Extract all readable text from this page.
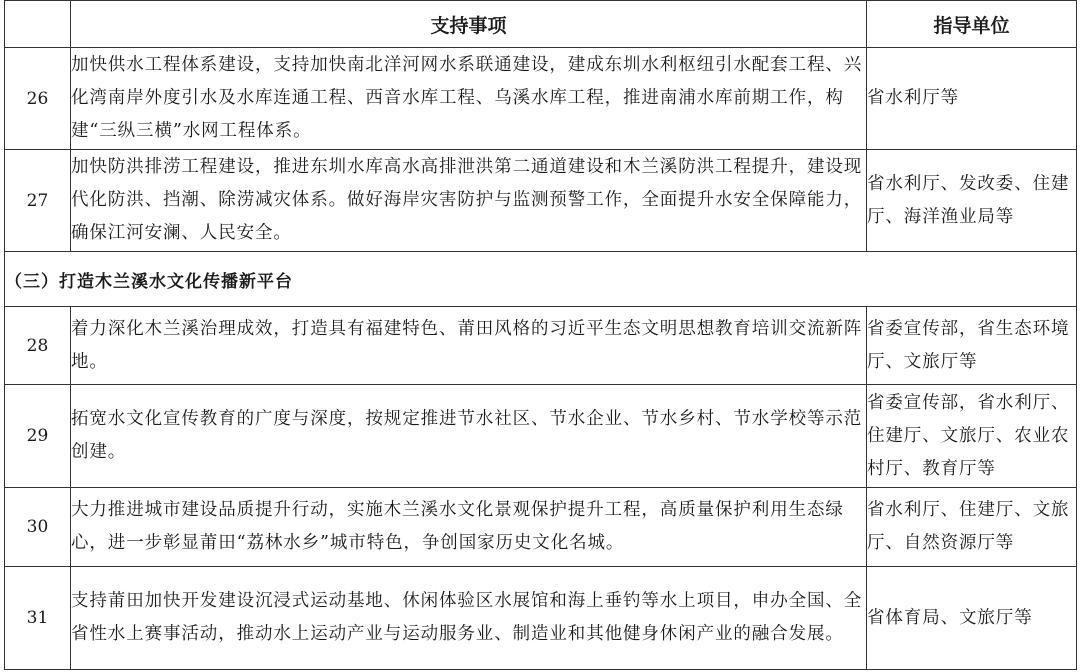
	支持事项	指导单位
26	加快供水工程体系建设，支持加快南北洋河网水系联通建设，建成东圳水利枢纽引水配套工程、兴化湾南岸外度引水及水库连通工程、西音水库工程、乌溪水库工程，推进南浦水库前期工作，构建“三纵三横”水网工程体系。	省水利厅等
27	加快防洪排涝工程建设，推进东圳水库高水高排泄洪第二通道建设和木兰溪防洪工程提升，建设现代化防洪、挡潮、除涝减灾体系。做好海岸灾害防护与监测预警工作，全面提升水安全保障能力，确保江河安澜、人民安全。	省水利厅、发改委、住建厅、海洋渔业局等
（三）打造木兰溪水文化传播新平台		
28	着力深化木兰溪治理成效，打造具有福建特色、莆田风格的习近平生态文明思想教育培训交流新阵地。	省委宣传部，省生态环境厅、文旅厅等
29	拓宽水文化宣传教育的广度与深度，按规定推进节水社区、节水企业、节水乡村、节水学校等示范创建。	省委宣传部，省水利厅、住建厅、文旅厅、农业农村厅、教育厅等
30	大力推进城市建设品质提升行动，实施木兰溪水文化景观保护提升工程，高质量保护利用生态绿心，进一步彰显莆田“荔林水乡”城市特色，争创国家历史文化名城。	省水利厅、住建厅、文旅厅、自然资源厅等
31	支持莆田加快开发建设沉浸式运动基地、休闲体验区水展馆和海上垂钓等水上项目，申办全国、全省性水上赛事活动，推动水上运动产业与运动服务业、制造业和其他健身休闲产业的融合发展。	省体育局、文旅厅等
